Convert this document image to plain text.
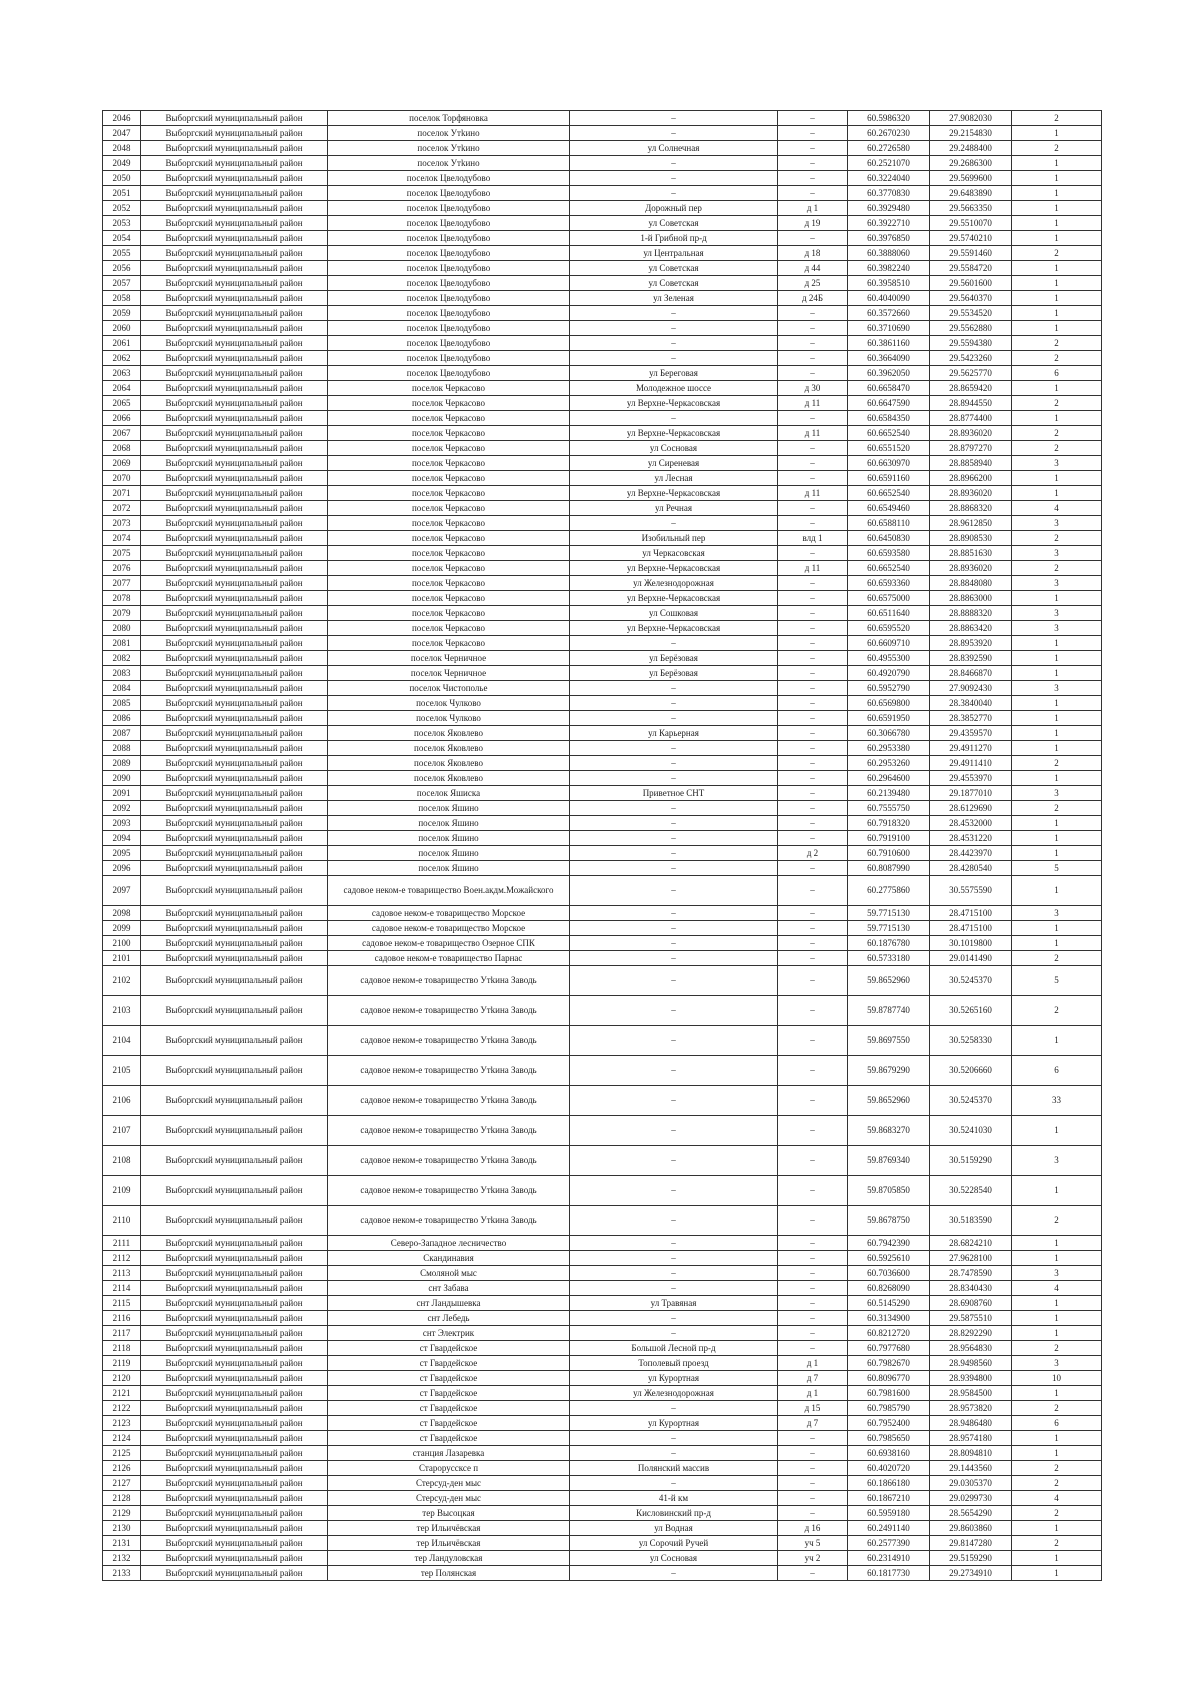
2046	Выборгский муниципальный район	поселок Торфяновка	–	–	60.5986320	27.9082030	2
2047	Выборгский муниципальный район	поселок Утkино	–	–	60.2670230	29.2154830	1
2048	Выборгский муниципальный район	поселок Утkино	ул Солнечная	–	60.2726580	29.2488400	2
2049	Выборгский муниципальный район	поселок Утkино	–	–	60.2521070	29.2686300	1
2050	Выборгский муниципальный район	поселок Цвелодубово	–	–	60.3224040	29.5699600	1
2051	Выборгский муниципальный район	поселок Цвелодубово	–	–	60.3770830	29.6483890	1
2052	Выборгский муниципальный район	поселок Цвелодубово	Дорожный пер	д 1	60.3929480	29.5663350	1
2053	Выборгский муниципальный район	поселок Цвелодубово	ул Советская	д 19	60.3922710	29.5510070	1
2054	Выборгский муниципальный район	поселок Цвелодубово	1-й Грибной пр-д	–	60.3976850	29.5740210	1
2055	Выборгский муниципальный район	поселок Цвелодубово	ул Центральная	д 18	60.3888060	29.5591460	2
2056	Выборгский муниципальный район	поселок Цвелодубово	ул Советская	д 44	60.3982240	29.5584720	1
2057	Выборгский муниципальный район	поселок Цвелодубово	ул Советская	д 25	60.3958510	29.5601600	1
2058	Выборгский муниципальный район	поселок Цвелодубово	ул Зеленая	д 24Б	60.4040090	29.5640370	1
2059	Выборгский муниципальный район	поселок Цвелодубово	–	–	60.3572660	29.5534520	1
2060	Выборгский муниципальный район	поселок Цвелодубово	–	–	60.3710690	29.5562880	1
2061	Выборгский муниципальный район	поселок Цвелодубово	–	–	60.3861160	29.5594380	2
2062	Выборгский муниципальный район	поселок Цвелодубово	–	–	60.3664090	29.5423260	2
2063	Выборгский муниципальный район	поселок Цвелодубово	ул Береговая	–	60.3962050	29.5625770	6
2064	Выборгский муниципальный район	поселок Черкасово	Молодежное шоссе	д 30	60.6658470	28.8659420	1
2065	Выборгский муниципальный район	поселок Черкасово	ул Верхне-Черкасовская	д 11	60.6647590	28.8944550	2
2066	Выборгский муниципальный район	поселок Черкасово	–	–	60.6584350	28.8774400	1
2067	Выборгский муниципальный район	поселок Черкасово	ул Верхне-Черкасовская	д 11	60.6652540	28.8936020	2
2068	Выборгский муниципальный район	поселок Черкасово	ул Сосновая	–	60.6551520	28.8797270	2
2069	Выборгский муниципальный район	поселок Черкасово	ул Сиреневая	–	60.6630970	28.8858940	3
2070	Выборгский муниципальный район	поселок Черкасово	ул Лесная	–	60.6591160	28.8966200	1
2071	Выборгский муниципальный район	поселок Черкасово	ул Верхне-Черкасовская	д 11	60.6652540	28.8936020	1
2072	Выборгский муниципальный район	поселок Черкасово	ул Речная	–	60.6549460	28.8868320	4
2073	Выборгский муниципальный район	поселок Черкасово	–	–	60.6588110	28.9612850	3
2074	Выборгский муниципальный район	поселок Черкасово	Изобильный пер	влд 1	60.6450830	28.8908530	2
2075	Выборгский муниципальный район	поселок Черкасово	ул Черкасовская	–	60.6593580	28.8851630	3
2076	Выборгский муниципальный район	поселок Черкасово	ул Верхне-Черкасовская	д 11	60.6652540	28.8936020	2
2077	Выборгский муниципальный район	поселок Черкасово	ул Железнодорожная	–	60.6593360	28.8848080	3
2078	Выборгский муниципальный район	поселок Черкасово	ул Верхне-Черкасовская	–	60.6575000	28.8863000	1
2079	Выборгский муниципальный район	поселок Черкасово	ул Сошковая	–	60.6511640	28.8888320	3
2080	Выборгский муниципальный район	поселок Черкасово	ул Верхне-Черкасовская	–	60.6595520	28.8863420	3
2081	Выборгский муниципальный район	поселок Черкасово	–	–	60.6609710	28.8953920	1
2082	Выборгский муниципальный район	поселок Черничное	ул Берёзовая	–	60.4955300	28.8392590	1
2083	Выборгский муниципальный район	поселок Черничное	ул Берёзовая	–	60.4920790	28.8466870	1
2084	Выборгский муниципальный район	поселок Чистополье	–	–	60.5952790	27.9092430	3
2085	Выборгский муниципальный район	поселок Чулково	–	–	60.6569800	28.3840040	1
2086	Выборгский муниципальный район	поселок Чулково	–	–	60.6591950	28.3852770	1
2087	Выборгский муниципальный район	поселок Яковлево	ул Карьерная	–	60.3066780	29.4359570	1
2088	Выборгский муниципальный район	поселок Яковлево	–	–	60.2953380	29.4911270	1
2089	Выборгский муниципальный район	поселок Яковлево	–	–	60.2953260	29.4911410	2
2090	Выборгский муниципальный район	поселок Яковлево	–	–	60.2964600	29.4553970	1
2091	Выборгский муниципальный район	поселок Яшиска	Приветное СНТ	–	60.2139480	29.1877010	3
2092	Выборгский муниципальный район	поселок Яшино	–	–	60.7555750	28.6129690	2
2093	Выборгский муниципальный район	поселок Яшино	–	–	60.7918320	28.4532000	1
2094	Выборгский муниципальный район	поселок Яшино	–	–	60.7919100	28.4531220	1
2095	Выборгский муниципальный район	поселок Яшино	–	д 2	60.7910600	28.4423970	1
2096	Выборгский муниципальный район	поселок Яшино	–	–	60.8087990	28.4280540	5
2097	Выборгский муниципальный район	садовое неком-е товарищество Воен.акдм.Можайского	–	–	60.2775860	30.5575590	1
2098	Выборгский муниципальный район	садовое неком-е товарищество Морское	–	–	59.7715130	28.4715100	3
2099	Выборгский муниципальный район	садовое неком-е товарищество Морское	–	–	59.7715130	28.4715100	1
2100	Выборгский муниципальный район	садовое неком-е товарищество Озерное СПК	–	–	60.1876780	30.1019800	1
2101	Выборгский муниципальный район	садовое неком-е товарищество Парнас	–	–	60.5733180	29.0141490	2
2102	Выборгский муниципальный район	садовое неком-е товарищество Утkина Заводь	–	–	59.8652960	30.5245370	5
2103	Выборгский муниципальный район	садовое неком-е товарищество Утkина Заводь	–	–	59.8787740	30.5265160	2
2104	Выборгский муниципальный район	садовое неком-е товарищество Утkина Заводь	–	–	59.8697550	30.5258330	1
2105	Выборгский муниципальный район	садовое неком-е товарищество Утkина Заводь	–	–	59.8679290	30.5206660	6
2106	Выборгский муниципальный район	садовое неком-е товарищество Утkина Заводь	–	–	59.8652960	30.5245370	33
2107	Выборгский муниципальный район	садовое неком-е товарищество Утkина Заводь	–	–	59.8683270	30.5241030	1
2108	Выборгский муниципальный район	садовое неком-е товарищество Утkина Заводь	–	–	59.8769340	30.5159290	3
2109	Выборгский муниципальный район	садовое неком-е товарищество Утkина Заводь	–	–	59.8705850	30.5228540	1
2110	Выборгский муниципальный район	садовое неком-е товарищество Утkина Заводь	–	–	59.8678750	30.5183590	2
2111	Выборгский муниципальный район	Северо-Западное лесничество	–	–	60.7942390	28.6824210	1
2112	Выборгский муниципальный район	Скандинавия	–	–	60.5925610	27.9628100	1
2113	Выборгский муниципальный район	Смоляной мыс	–	–	60.7036600	28.7478590	3
2114	Выборгский муниципальный район	снт Забава	–	–	60.8268090	28.8340430	4
2115	Выборгский муниципальный район	снт Ландышевка	ул Травяная	–	60.5145290	28.6908760	1
2116	Выборгский муниципальный район	снт Лебедь	–	–	60.3134900	29.5875510	1
2117	Выборгский муниципальный район	снт Электрик	–	–	60.8212720	28.8292290	1
2118	Выборгский муниципальный район	ст Гвардейское	Большой Лесной пр-д	–	60.7977680	28.9564830	2
2119	Выборгский муниципальный район	ст Гвардейское	Тополевый проезд	д 1	60.7982670	28.9498560	3
2120	Выборгский муниципальный район	ст Гвардейское	ул Курортная	д 7	60.8096770	28.9394800	10
2121	Выборгский муниципальный район	ст Гвардейское	ул Железнодорожная	д 1	60.7981600	28.9584500	1
2122	Выборгский муниципальный район	ст Гвардейское	–	д 15	60.7985790	28.9573820	2
2123	Выборгский муниципальный район	ст Гвардейское	ул Курортная	д 7	60.7952400	28.9486480	6
2124	Выборгский муниципальный район	ст Гвардейское	–	–	60.7985650	28.9574180	1
2125	Выборгский муниципальный район	станция Лазаревка	–	–	60.6938160	28.8094810	1
2126	Выборгский муниципальный район	Староруссксе п	Полянский массив	–	60.4020720	29.1443560	2
2127	Выборгский муниципальный район	Стерсуд-ден мыс	–	–	60.1866180	29.0305370	2
2128	Выборгский муниципальный район	Стерсуд-ден мыс	41-й км	–	60.1867210	29.0299730	4
2129	Выборгский муниципальный район	тер Высоцкая	Кисловинский пр-д	–	60.5959180	28.5654290	2
2130	Выборгский муниципальный район	тер Ильичёвская	ул Водная	д 16	60.2491140	29.8603860	1
2131	Выборгский муниципальный район	тер Ильичёвская	ул Сорочий Ручей	уч 5	60.2577390	29.8147280	2
2132	Выборгский муниципальный район	тер Ландуловская	ул Сосновая	уч 2	60.2314910	29.5159290	1
2133	Выборгский муниципальный район	тер Полянская	–	–	60.1817730	29.2734910	1
